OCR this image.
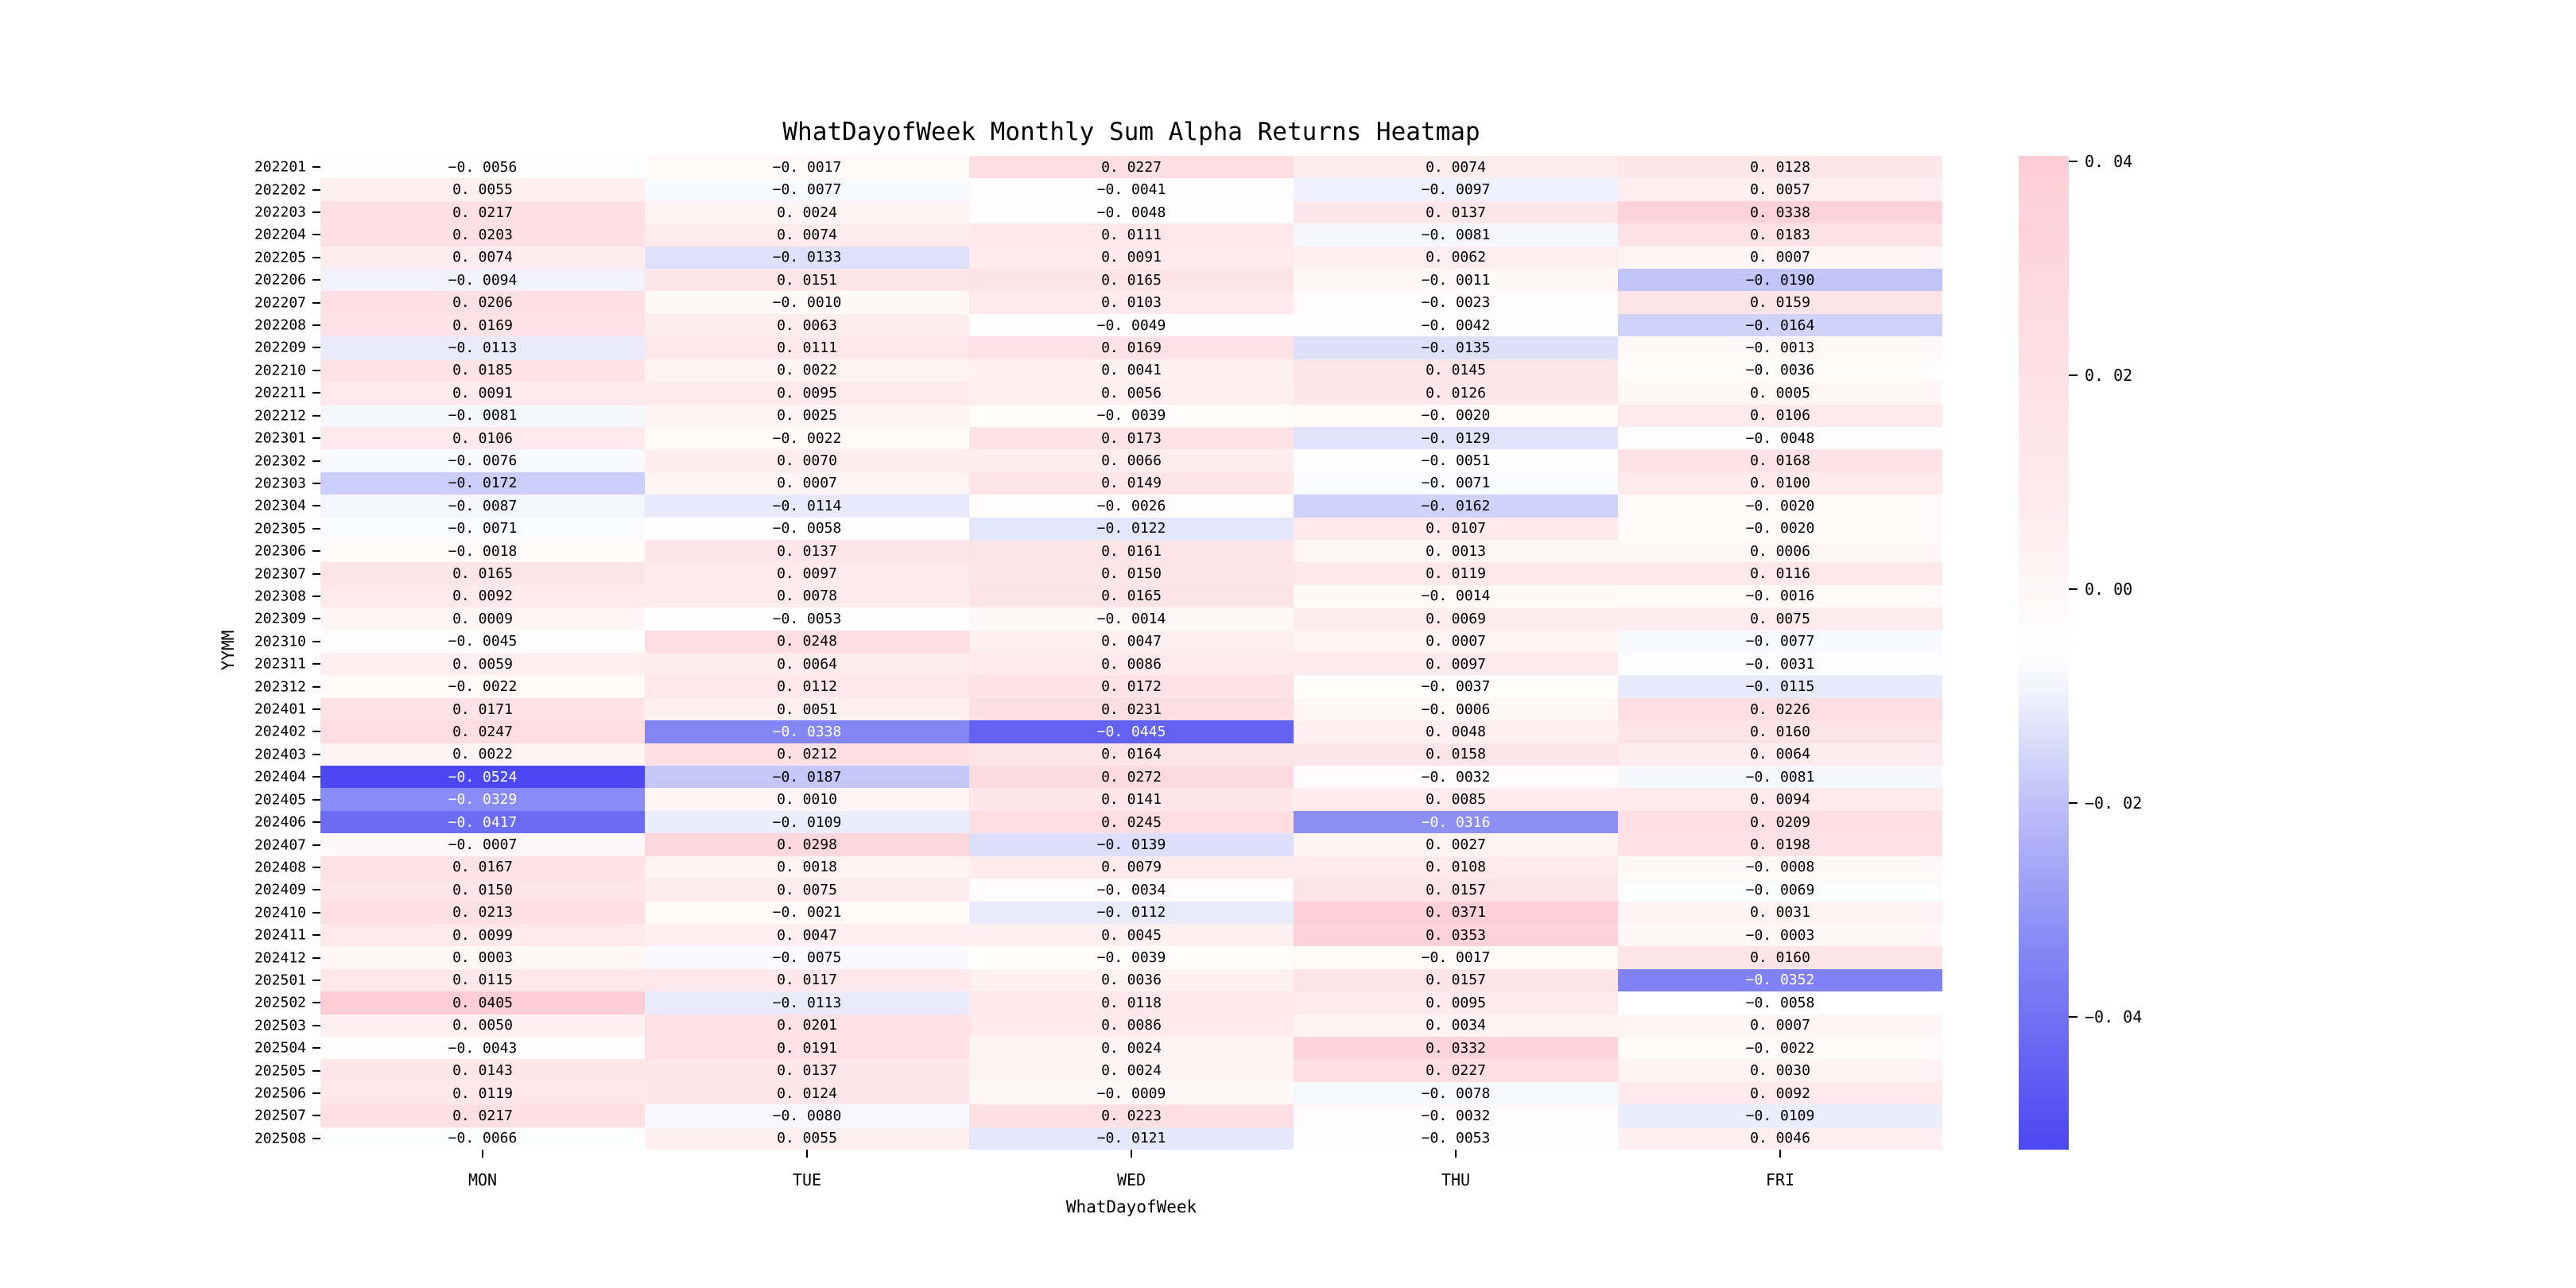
WhatDayofWeek Monthly Sum Alpha Returns Heatmap
−0. 0056	−0. 0017	0. 0227	0. 0074	0. 0128
0. 0055	−0. 0077	−0. 0041	−0. 0097	0. 0057
0. 0217	0. 0024	−0. 0048	0. 0137	0. 0338
0. 0203	0. 0074	0. 0111	−0. 0081	0. 0183
0. 0074	−0. 0133	0. 0091	0. 0062	0. 0007
−0. 0094	0. 0151	0. 0165	−0. 0011	−0. 0190
0. 0206	−0. 0010	0. 0103	−0. 0023	0. 0159
0. 0169	0. 0063	−0. 0049	−0. 0042	−0. 0164
−0. 0113	0. 0111	0. 0169	−0. 0135	−0. 0013
0. 0185	0. 0022	0. 0041	0. 0145	−0. 0036
0. 0091	0. 0095	0. 0056	0. 0126	0. 0005
−0. 0081	0. 0025	−0. 0039	−0. 0020	0. 0106
0. 0106	−0. 0022	0. 0173	−0. 0129	−0. 0048
−0. 0076	0. 0070	0. 0066	−0. 0051	0. 0168
−0. 0172	0. 0007	0. 0149	−0. 0071	0. 0100
−0. 0087	−0. 0114	−0. 0026	−0. 0162	−0. 0020
−0. 0071	−0. 0058	−0. 0122	0. 0107	−0. 0020
−0. 0018	0. 0137	0. 0161	0. 0013	0. 0006
0. 0165	0. 0097	0. 0150	0. 0119	0. 0116
0. 0092	0. 0078	0. 0165	−0. 0014	−0. 0016
0. 0009	−0. 0053	−0. 0014	0. 0069	0. 0075
−0. 0045	0. 0248	0. 0047	0. 0007	−0. 0077
0. 0059	0. 0064	0. 0086	0. 0097	−0. 0031
−0. 0022	0. 0112	0. 0172	−0. 0037	−0. 0115
0. 0171	0. 0051	0. 0231	−0. 0006	0. 0226
0. 0247	−0. 0338	−0. 0445	0. 0048	0. 0160
0. 0022	0. 0212	0. 0164	0. 0158	0. 0064
−0. 0524	−0. 0187	0. 0272	−0. 0032	−0. 0081
−0. 0329	0. 0010	0. 0141	0. 0085	0. 0094
−0. 0417	−0. 0109	0. 0245	−0. 0316	0. 0209
−0. 0007	0. 0298	−0. 0139	0. 0027	0. 0198
0. 0167	0. 0018	0. 0079	0. 0108	−0. 0008
0. 0150	0. 0075	−0. 0034	0. 0157	−0. 0069
0. 0213	−0. 0021	−0. 0112	0. 0371	0. 0031
0. 0099	0. 0047	0. 0045	0. 0353	−0. 0003
0. 0003	−0. 0075	−0. 0039	−0. 0017	0. 0160
0. 0115	0. 0117	0. 0036	0. 0157	−0. 0352
0. 0405	−0. 0113	0. 0118	0. 0095	−0. 0058
0. 0050	0. 0201	0. 0086	0. 0034	0. 0007
−0. 0043	0. 0191	0. 0024	0. 0332	−0. 0022
0. 0143	0. 0137	0. 0024	0. 0227	0. 0030
0. 0119	0. 0124	−0. 0009	−0. 0078	0. 0092
0. 0217	−0. 0080	0. 0223	−0. 0032	−0. 0109
−0. 0066	0. 0055	−0. 0121	−0. 0053	0. 0046
202201
202202
202203
202204
202205
202206
202207
202208
202209
202210
202211
202212
202301
202302
202303
202304
202305
202306
202307
202308
202309
202310
202311
202312
202401
202402
202403
202404
202405
202406
202407
202408
202409
202410
202411
202412
202501
202502
202503
202504
202505
202506
202507
202508
MON	TUE	WED	THU	FRI
0. 04
0. 02
0. 00
−0. 02
−0. 04
WhatDayofWeek
YYMM
